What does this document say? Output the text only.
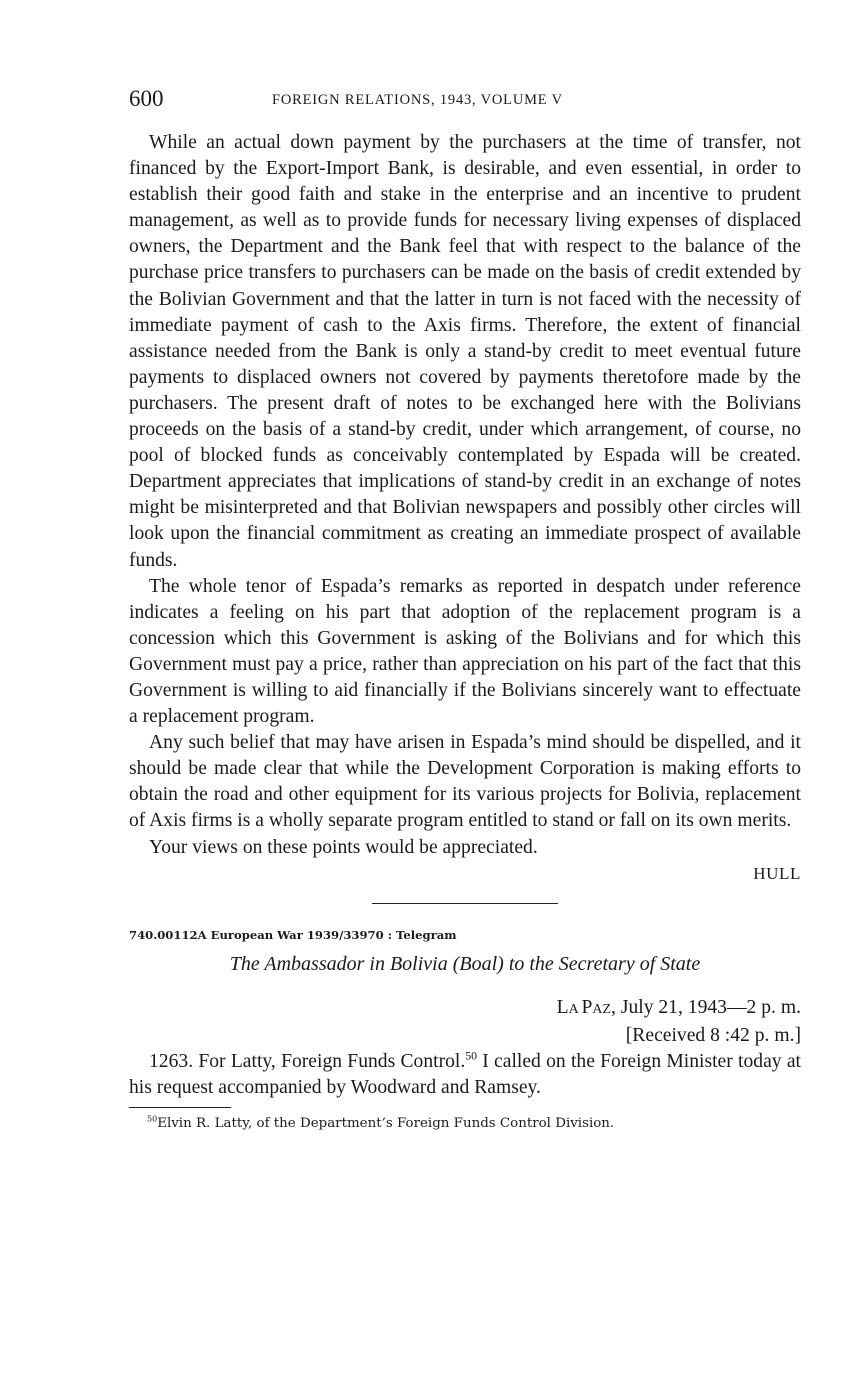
600	FOREIGN RELATIONS, 1943, VOLUME V

While an actual down payment by the purchasers at the time of transfer, not financed by the Export-Import Bank, is desirable, and even essential, in order to establish their good faith and stake in the enterprise and an incentive to prudent management, as well as to provide funds for necessary living expenses of displaced owners, the Department and the Bank feel that with respect to the balance of the purchase price transfers to purchasers can be made on the basis of credit extended by the Bolivian Government and that the latter in turn is not faced with the necessity of immediate payment of cash to the Axis firms. Therefore, the extent of financial assistance needed from the Bank is only a stand-by credit to meet eventual future payments to displaced owners not covered by payments theretofore made by the purchasers. The present draft of notes to be exchanged here with the Bolivians proceeds on the basis of a stand-by credit, under which arrangement, of course, no pool of blocked funds as conceivably contemplated by Espada will be created. Department appreciates that implications of stand-by credit in an exchange of notes might be misinterpreted and that Bolivian newspapers and possibly other circles will look upon the financial commitment as creating an immediate prospect of available funds.

The whole tenor of Espada’s remarks as reported in despatch under reference indicates a feeling on his part that adoption of the replacement program is a concession which this Government is asking of the Bolivians and for which this Government must pay a price, rather than appreciation on his part of the fact that this Government is willing to aid financially if the Bolivians sincerely want to effectuate a replacement program.

Any such belief that may have arisen in Espada’s mind should be dispelled, and it should be made clear that while the Development Corporation is making efforts to obtain the road and other equipment for its various projects for Bolivia, replacement of Axis firms is a wholly separate program entitled to stand or fall on its own merits.

Your views on these points would be appreciated.

HULL
740.00112A European War 1939/33970 : Telegram
The Ambassador in Bolivia (Boal) to the Secretary of State
LA PAZ, July 21, 1943—2 p. m.
[Received 8 :42 p. m.]

1263. For Latty, Foreign Funds Control.$^{50}$ I called on the Foreign Minister today at his request accompanied by Woodward and Ramsey.

$^{50}$Elvin R. Latty, of the Department’s Foreign Funds Control Division.
